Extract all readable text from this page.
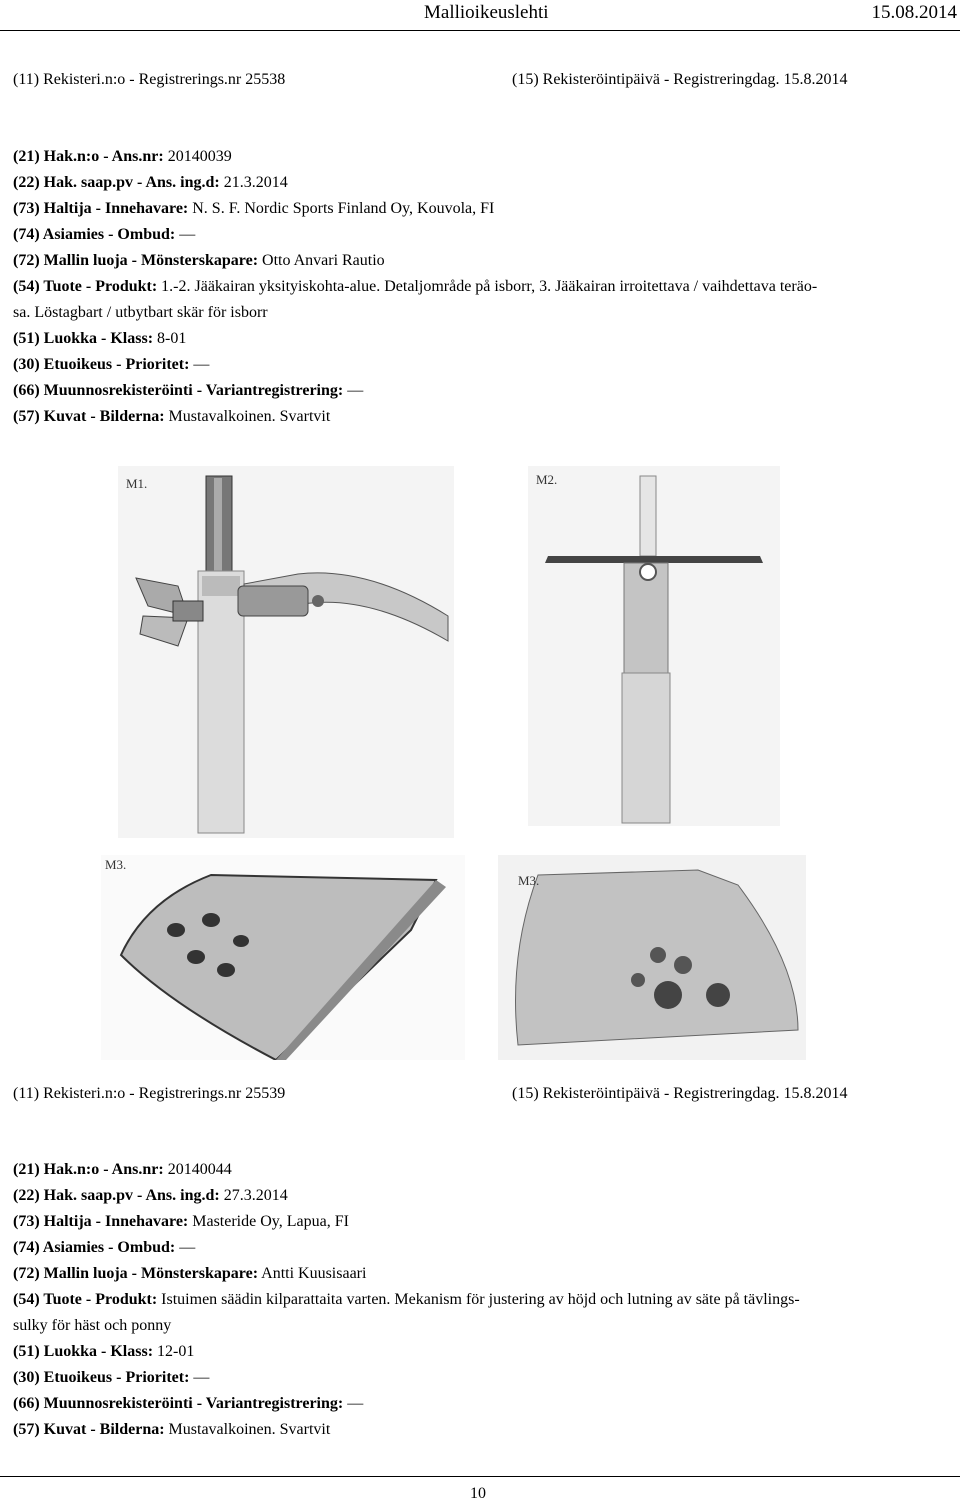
Mallioikeuslehti	15.08.2014
(11) Rekisteri.n:o - Registrerings.nr 25538	(15) Rekisteröintipäivä - Registreringdag. 15.8.2014
(21) Hak.n:o - Ans.nr: 20140039
(22) Hak. saap.pv - Ans. ing.d: 21.3.2014
(73) Haltija - Innehavare: N. S. F. Nordic Sports Finland Oy, Kouvola, FI
(74) Asiamies - Ombud: —
(72) Mallin luoja - Mönsterskapare: Otto Anvari Rautio
(54) Tuote - Produkt: 1.-2. Jääkairan yksityiskohta-alue. Detaljområde på isborr, 3. Jääkairan irroitettava / vaihdettava teräo-
sa. Löstagbart / utbytbart skär för isborr
(51) Luokka - Klass: 8-01
(30) Etuoikeus - Prioritet: —
(66) Muunnosrekisteröinti - Variantregistrering: —
(57) Kuvat - Bilderna: Mustavalkoinen. Svartvit
M1.	M2.
M3.
M3.
(11) Rekisteri.n:o - Registrerings.nr 25539	(15) Rekisteröintipäivä - Registreringdag. 15.8.2014
(21) Hak.n:o - Ans.nr: 20140044
(22) Hak. saap.pv - Ans. ing.d: 27.3.2014
(73) Haltija - Innehavare: Masteride Oy, Lapua, FI
(74) Asiamies - Ombud: —
(72) Mallin luoja - Mönsterskapare: Antti Kuusisaari
(54) Tuote - Produkt: Istuimen säädin kilparattaita varten. Mekanism för justering av höjd och lutning av säte på tävlings-
sulky för häst och ponny
(51) Luokka - Klass: 12-01
(30) Etuoikeus - Prioritet: —
(66) Muunnosrekisteröinti - Variantregistrering: —
(57) Kuvat - Bilderna: Mustavalkoinen. Svartvit
10
